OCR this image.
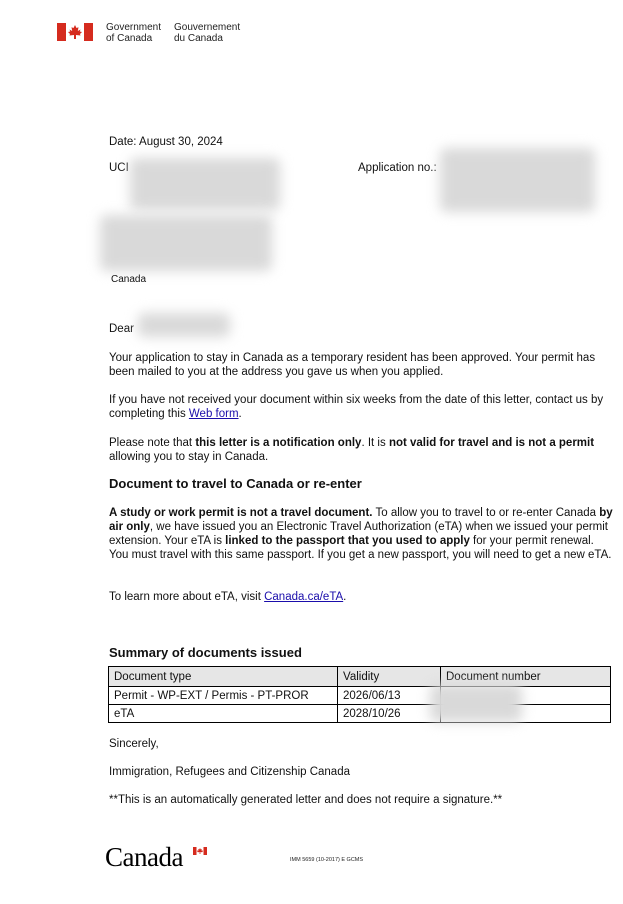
Government
of Canada
Gouvernement
du Canada

Date: August 30, 2024

UCI	Application no.:

Canada

Dear

Your application to stay in Canada as a temporary resident has been approved. Your permit has been mailed to you at the address you gave us when you applied.

If you have not received your document within six weeks from the date of this letter, contact us by completing this Web form.

Please note that this letter is a notification only. It is not valid for travel and is not a permit allowing you to stay in Canada.

Document to travel to Canada or re-enter

A study or work permit is not a travel document. To allow you to travel to or re-enter Canada by air only, we have issued you an Electronic Travel Authorization (eTA) when we issued your permit extension. Your eTA is linked to the passport that you used to apply for your permit renewal. You must travel with this same passport. If you get a new passport, you will need to get a new eTA.

To learn more about eTA, visit Canada.ca/eTA.

Summary of documents issued

Document type	Validity	Document number
Permit - WP-EXT / Permis - PT-PROR	2026/06/13	
eTA	2028/10/26	

Sincerely,

Immigration, Refugees and Citizenship Canada

**This is an automatically generated letter and does not require a signature.**

Canada	IMM 5659 (10-2017) E GCMS
